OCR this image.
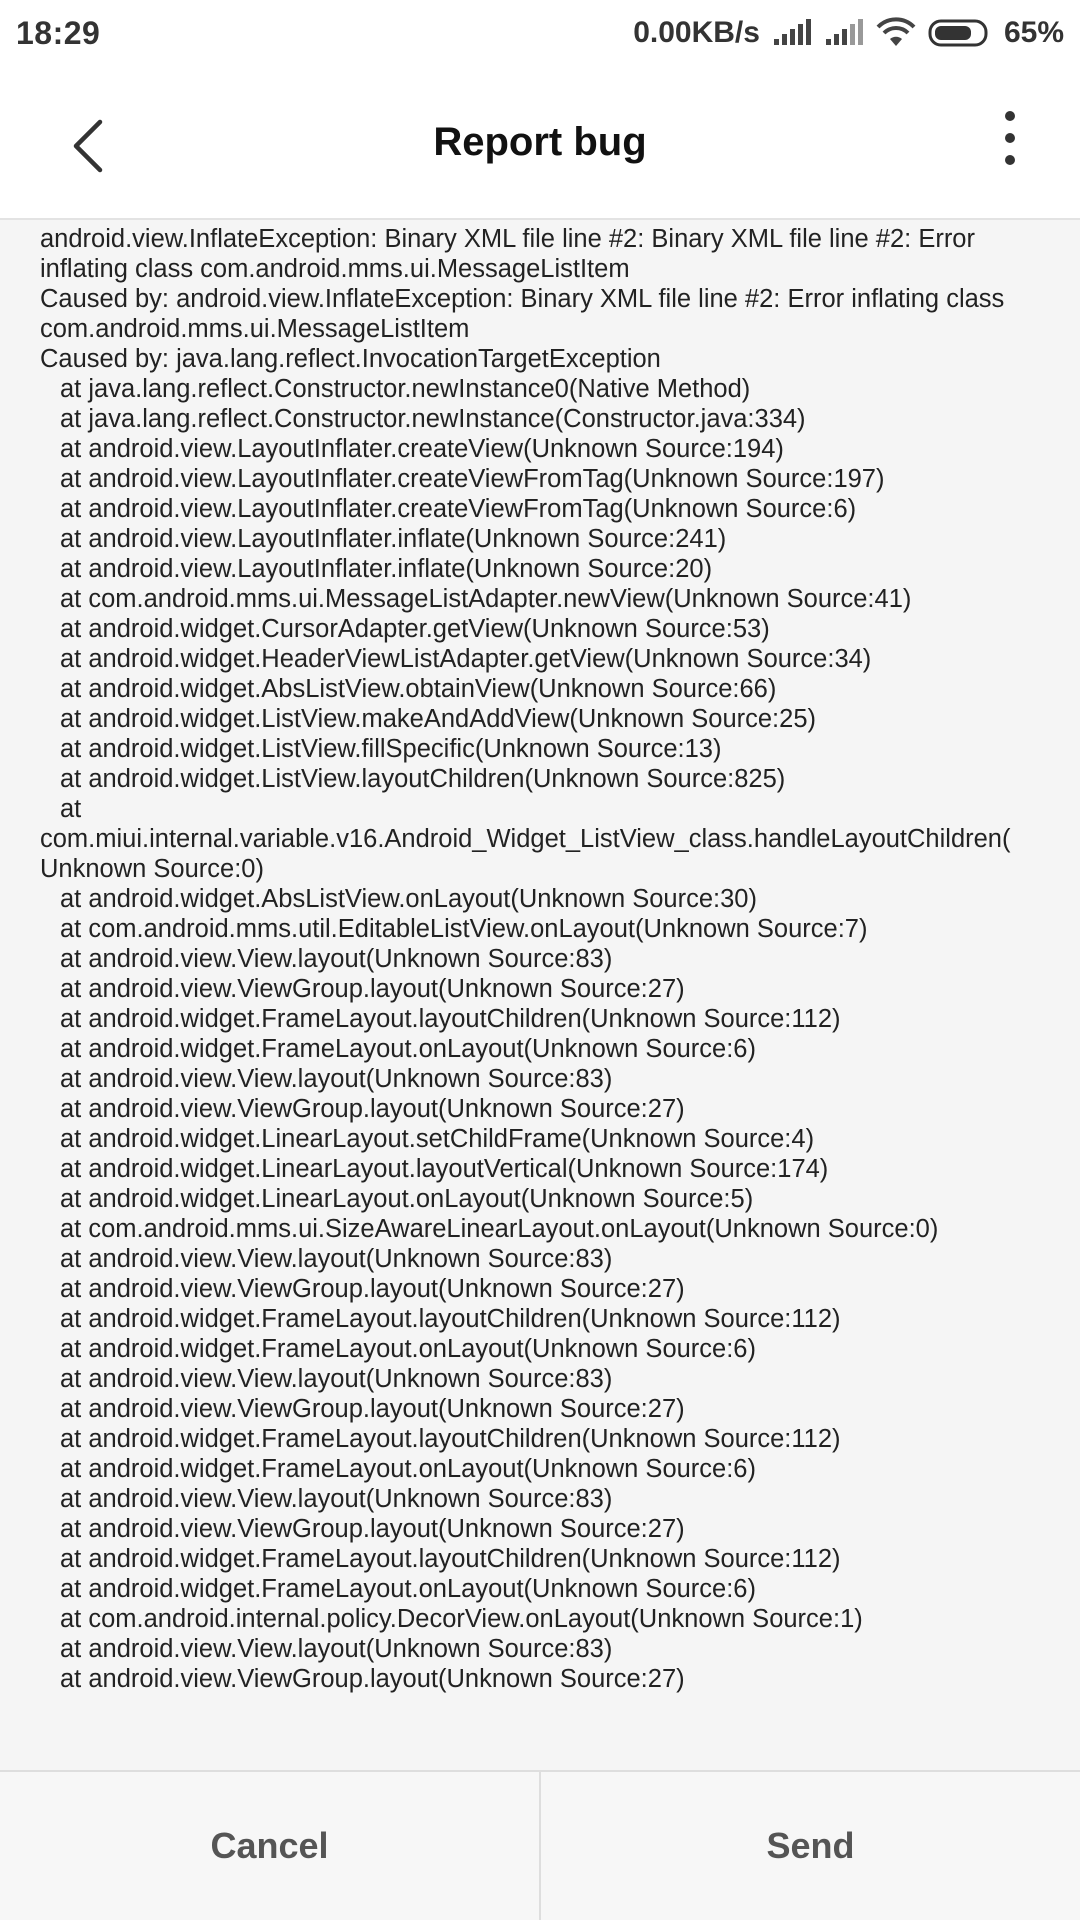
18:29	0.00KB/s	65%
Report bug
android.view.InflateException: Binary XML file line #2: Binary XML file line #2: Error
inflating class com.android.mms.ui.MessageListItem
Caused by: android.view.InflateException: Binary XML file line #2: Error inflating class
com.android.mms.ui.MessageListItem
Caused by: java.lang.reflect.InvocationTargetException
at java.lang.reflect.Constructor.newInstance0(Native Method)
at java.lang.reflect.Constructor.newInstance(Constructor.java:334)
at android.view.LayoutInflater.createView(Unknown Source:194)
at android.view.LayoutInflater.createViewFromTag(Unknown Source:197)
at android.view.LayoutInflater.createViewFromTag(Unknown Source:6)
at android.view.LayoutInflater.inflate(Unknown Source:241)
at android.view.LayoutInflater.inflate(Unknown Source:20)
at com.android.mms.ui.MessageListAdapter.newView(Unknown Source:41)
at android.widget.CursorAdapter.getView(Unknown Source:53)
at android.widget.HeaderViewListAdapter.getView(Unknown Source:34)
at android.widget.AbsListView.obtainView(Unknown Source:66)
at android.widget.ListView.makeAndAddView(Unknown Source:25)
at android.widget.ListView.fillSpecific(Unknown Source:13)
at android.widget.ListView.layoutChildren(Unknown Source:825)
at
com.miui.internal.variable.v16.Android_Widget_ListView_class.handleLayoutChildren(
Unknown Source:0)
at android.widget.AbsListView.onLayout(Unknown Source:30)
at com.android.mms.util.EditableListView.onLayout(Unknown Source:7)
at android.view.View.layout(Unknown Source:83)
at android.view.ViewGroup.layout(Unknown Source:27)
at android.widget.FrameLayout.layoutChildren(Unknown Source:112)
at android.widget.FrameLayout.onLayout(Unknown Source:6)
at android.view.View.layout(Unknown Source:83)
at android.view.ViewGroup.layout(Unknown Source:27)
at android.widget.LinearLayout.setChildFrame(Unknown Source:4)
at android.widget.LinearLayout.layoutVertical(Unknown Source:174)
at android.widget.LinearLayout.onLayout(Unknown Source:5)
at com.android.mms.ui.SizeAwareLinearLayout.onLayout(Unknown Source:0)
at android.view.View.layout(Unknown Source:83)
at android.view.ViewGroup.layout(Unknown Source:27)
at android.widget.FrameLayout.layoutChildren(Unknown Source:112)
at android.widget.FrameLayout.onLayout(Unknown Source:6)
at android.view.View.layout(Unknown Source:83)
at android.view.ViewGroup.layout(Unknown Source:27)
at android.widget.FrameLayout.layoutChildren(Unknown Source:112)
at android.widget.FrameLayout.onLayout(Unknown Source:6)
at android.view.View.layout(Unknown Source:83)
at android.view.ViewGroup.layout(Unknown Source:27)
at android.widget.FrameLayout.layoutChildren(Unknown Source:112)
at android.widget.FrameLayout.onLayout(Unknown Source:6)
at com.android.internal.policy.DecorView.onLayout(Unknown Source:1)
at android.view.View.layout(Unknown Source:83)
at android.view.ViewGroup.layout(Unknown Source:27)
Cancel	Send
